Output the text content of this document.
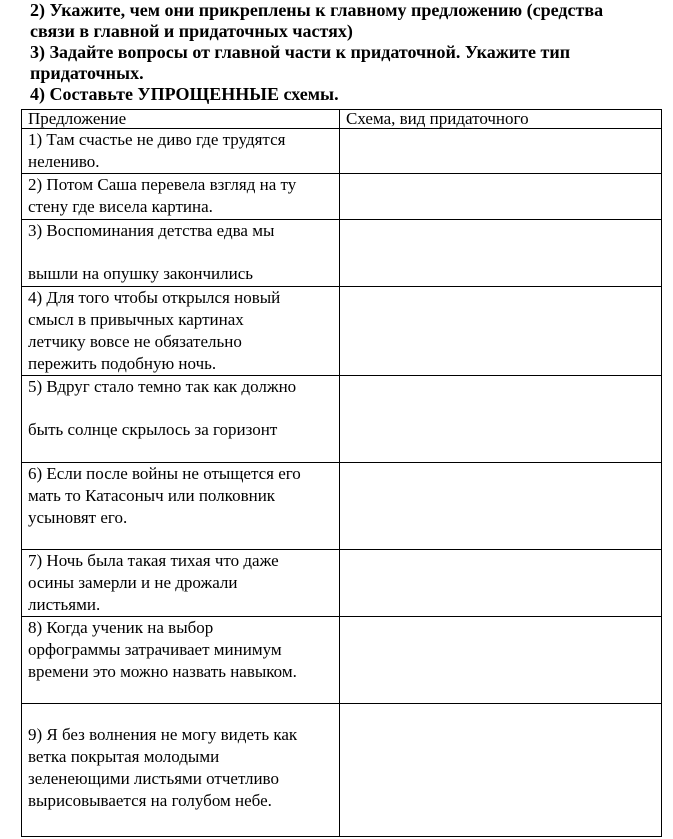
2) Укажите, чем они прикреплены к главному предложению (средства
связи в главной и придаточных частях)
3) Задайте вопросы от главной части к придаточной. Укажите тип
придаточных.
4) Составьте УПРОЩЕННЫЕ схемы.
Предложение	Схема, вид придаточного

1) Там счастье не диво где трудятся
нелениво.	

2) Потом Саша перевела взгляд на ту
стену где висела картина.	

3) Воспоминания детства едва мы
вышли на опушку закончились	

4) Для того чтобы открылся новый
смысл в привычных картинах
летчику вовсе не обязательно
пережить подобную ночь.	

5) Вдруг стало темно так как должно
быть солнце скрылось за горизонт	

6) Если после войны не отыщется его
мать то Катасоныч или полковник
усыновят его.	

7) Ночь была такая тихая что даже
осины замерли и не дрожали
листьями.	

8) Когда ученик на выбор
орфограммы затрачивает минимум
времени это можно назвать навыком.	

9) Я без волнения не могу видеть как
ветка покрытая молодыми
зеленеющими листьями отчетливо
вырисовывается на голубом небе.	
